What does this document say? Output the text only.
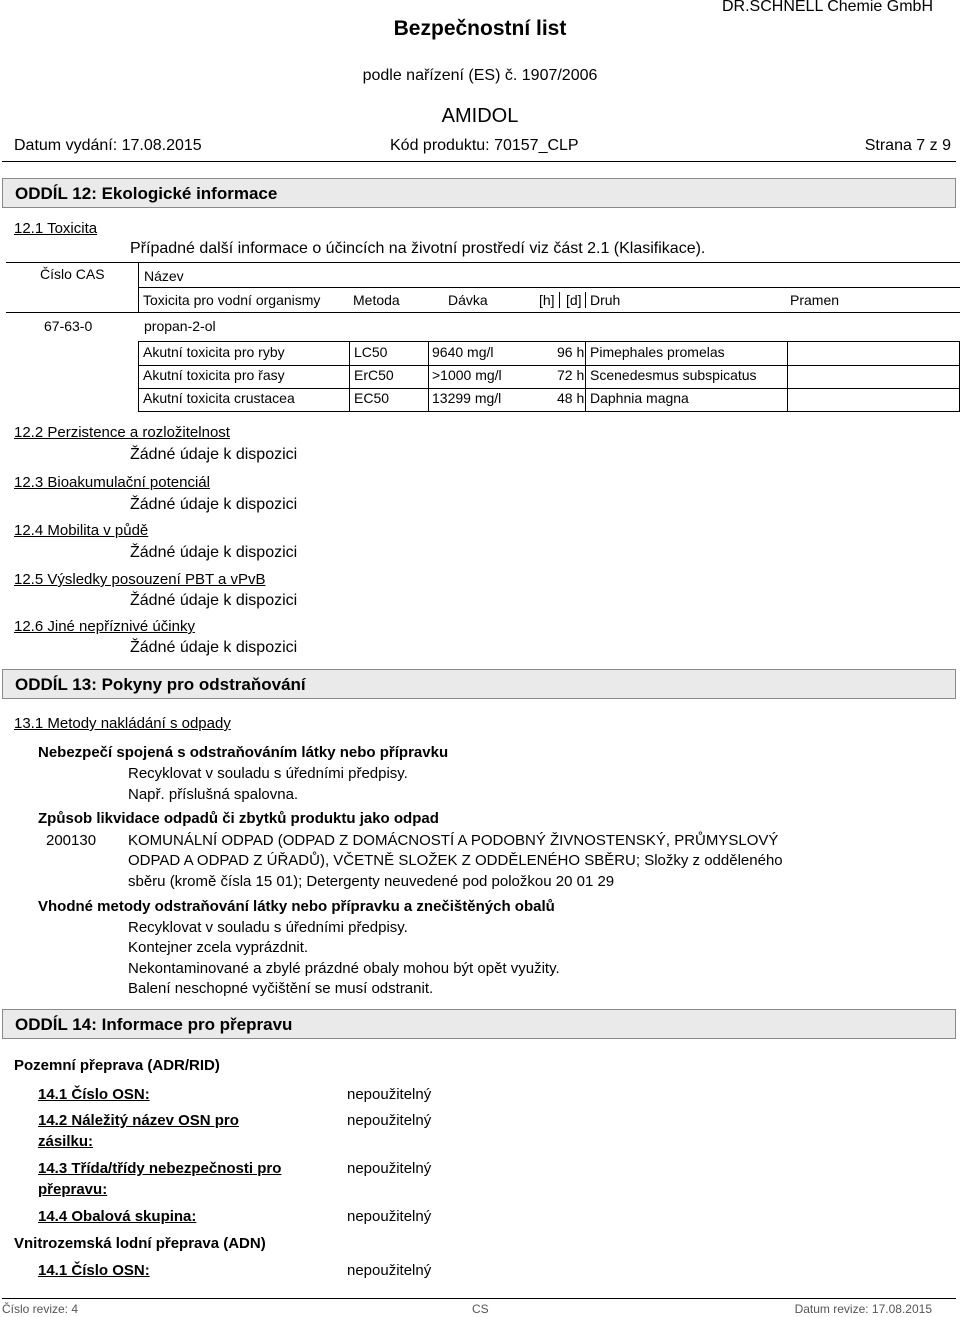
Bezpečnostní list
DR.SCHNELL Chemie GmbH
podle nařízení (ES) č. 1907/2006
AMIDOL
Datum vydání: 17.08.2015	Kód produktu: 70157_CLP	Strana 7 z 9
ODDÍL 12: Ekologické informace
12.1 Toxicita
Případné další informace o účincích na životní prostředí viz část 2.1 (Klasifikace).
Číslo CAS	Název
Toxicita pro vodní organismy Metoda	Dávka	[h] [d] Druh	Pramen
67-63-0	propan-2-ol
Akutní toxicita pro ryby	LC50	9640 mg/l	96 h Pimephales promelas
Akutní toxicita pro řasy	ErC50	>1000 mg/l	72 h Scenedesmus subspicatus
Akutní toxicita crustacea	EC50	13299 mg/l	48 h Daphnia magna
12.2 Perzistence a rozložitelnost
Žádné údaje k dispozici
12.3 Bioakumulační potenciál
Žádné údaje k dispozici
12.4 Mobilita v půdě
Žádné údaje k dispozici
12.5 Výsledky posouzení PBT a vPvB
Žádné údaje k dispozici
12.6 Jiné nepříznivé účinky
Žádné údaje k dispozici
ODDÍL 13: Pokyny pro odstraňování
13.1 Metody nakládání s odpady
Nebezpečí spojená s odstraňováním látky nebo přípravku
Recyklovat v souladu s úředními předpisy.
Např. příslušná spalovna.
Způsob likvidace odpadů či zbytků produktu jako odpad
200130 KOMUNÁLNÍ ODPAD (ODPAD Z DOMÁCNOSTÍ A PODOBNÝ ŽIVNOSTENSKÝ, PRŮMYSLOVÝ
ODPAD A ODPAD Z ÚŘADŮ), VČETNĚ SLOŽEK Z ODDĚLENÉHO SBĚRU; Složky z odděleného
sběru (kromě čísla 15 01); Detergenty neuvedené pod položkou 20 01 29
Vhodné metody odstraňování látky nebo přípravku a znečištěných obalů
Recyklovat v souladu s úředními předpisy.
Kontejner zcela vyprázdnit.
Nekontaminované a zbylé prázdné obaly mohou být opět využity.
Balení neschopné vyčištění se musí odstranit.
ODDÍL 14: Informace pro přepravu
Pozemní přeprava (ADR/RID)
14.1 Číslo OSN:	nepoužitelný
14.2 Náležitý název OSN pro
zásilku:
nepoužitelný
14.3 Třída/třídy nebezpečnosti pro
přepravu:
nepoužitelný
14.4 Obalová skupina:	nepoužitelný
Vnitrozemská lodní přeprava (ADN)
14.1 Číslo OSN:	nepoužitelný
Číslo revize: 4	CS	Datum revize: 17.08.2015
